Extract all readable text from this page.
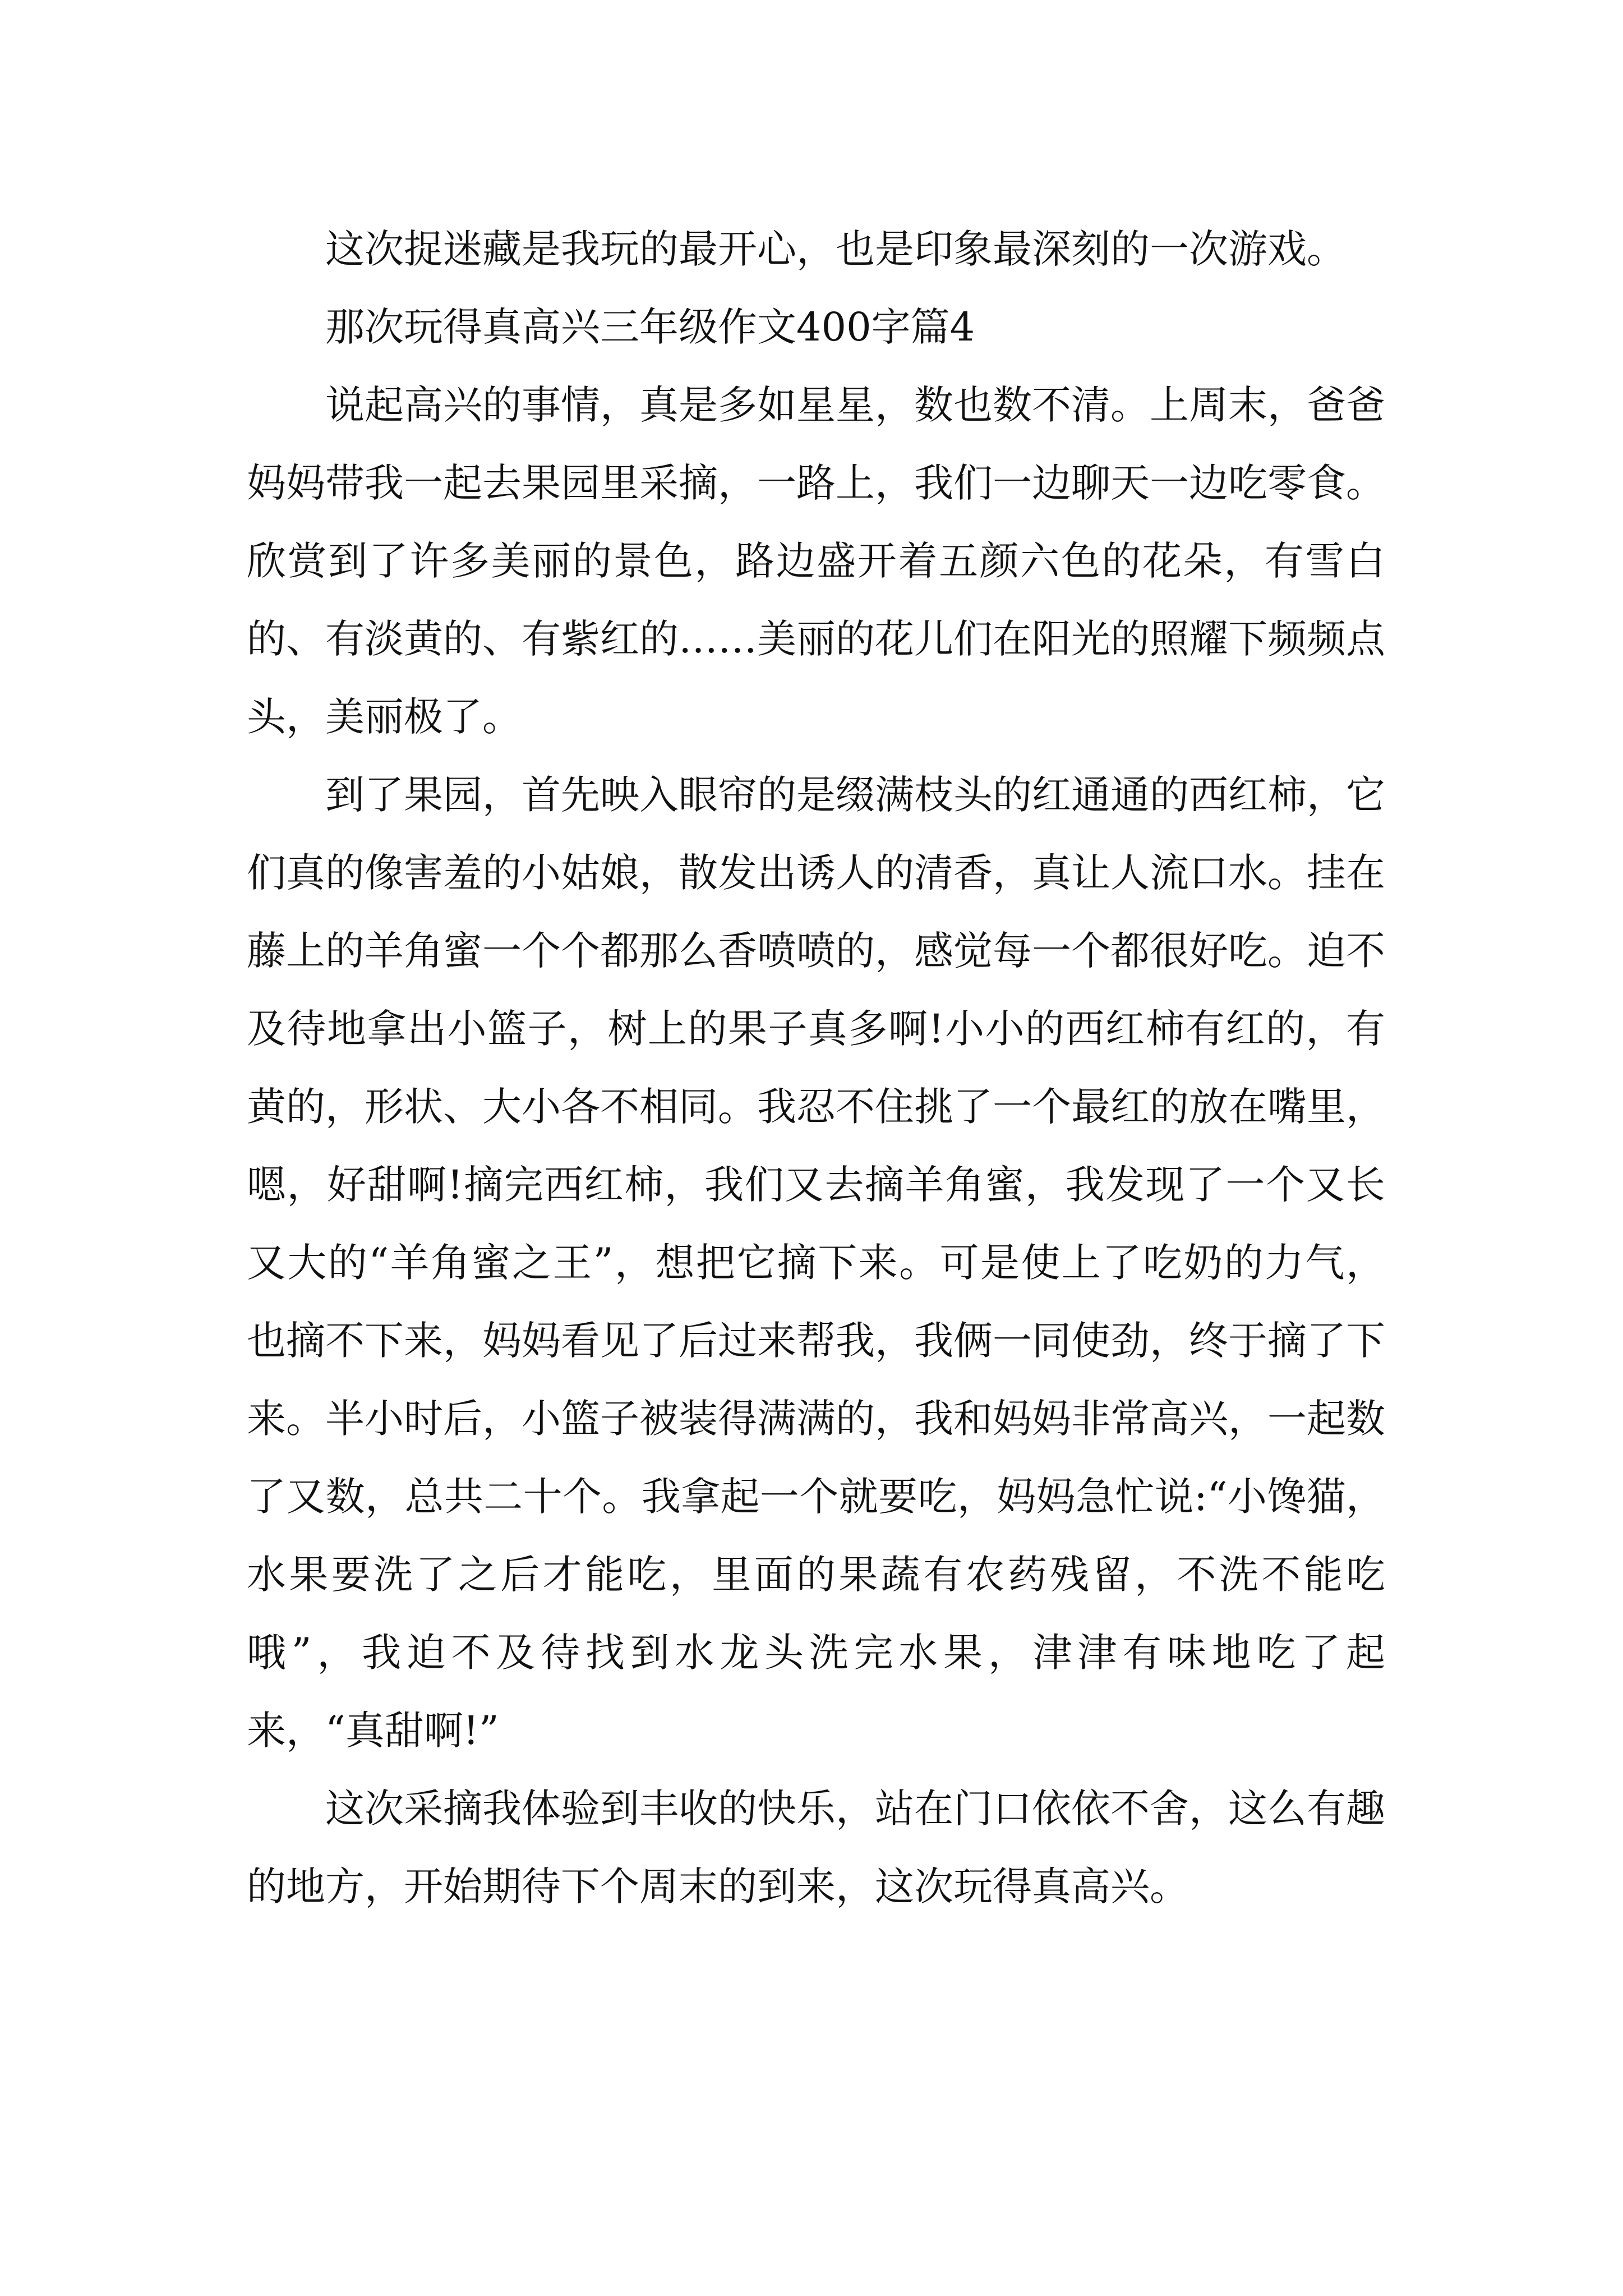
这次捉迷藏是我玩的最开心，也是印象最深刻的一次游戏。

那次玩得真高兴三年级作文400字篇4

说起高兴的事情，真是多如星星，数也数不清。上周末，爸爸妈妈带我一起去果园里采摘，一路上，我们一边聊天一边吃零食。欣赏到了许多美丽的景色，路边盛开着五颜六色的花朵，有雪白的、有淡黄的、有紫红的……美丽的花儿们在阳光的照耀下频频点头，美丽极了。

到了果园，首先映入眼帘的是缀满枝头的红通通的西红柿，它们真的像害羞的小姑娘，散发出诱人的清香，真让人流口水。挂在藤上的羊角蜜一个个都那么香喷喷的，感觉每一个都很好吃。迫不及待地拿出小篮子，树上的果子真多啊!小小的西红柿有红的，有黄的，形状、大小各不相同。我忍不住挑了一个最红的放在嘴里，嗯，好甜啊!摘完西红柿，我们又去摘羊角蜜，我发现了一个又长又大的“羊角蜜之王”，想把它摘下来。可是使上了吃奶的力气，也摘不下来，妈妈看见了后过来帮我，我俩一同使劲，终于摘了下来。半小时后，小篮子被装得满满的，我和妈妈非常高兴，一起数了又数，总共二十个。我拿起一个就要吃，妈妈急忙说:“小馋猫，水果要洗了之后才能吃，里面的果蔬有农药残留，不洗不能吃哦”，我迫不及待找到水龙头洗完水果，津津有味地吃了起来，“真甜啊!”

这次采摘我体验到丰收的快乐，站在门口依依不舍，这么有趣的地方，开始期待下个周末的到来，这次玩得真高兴。
